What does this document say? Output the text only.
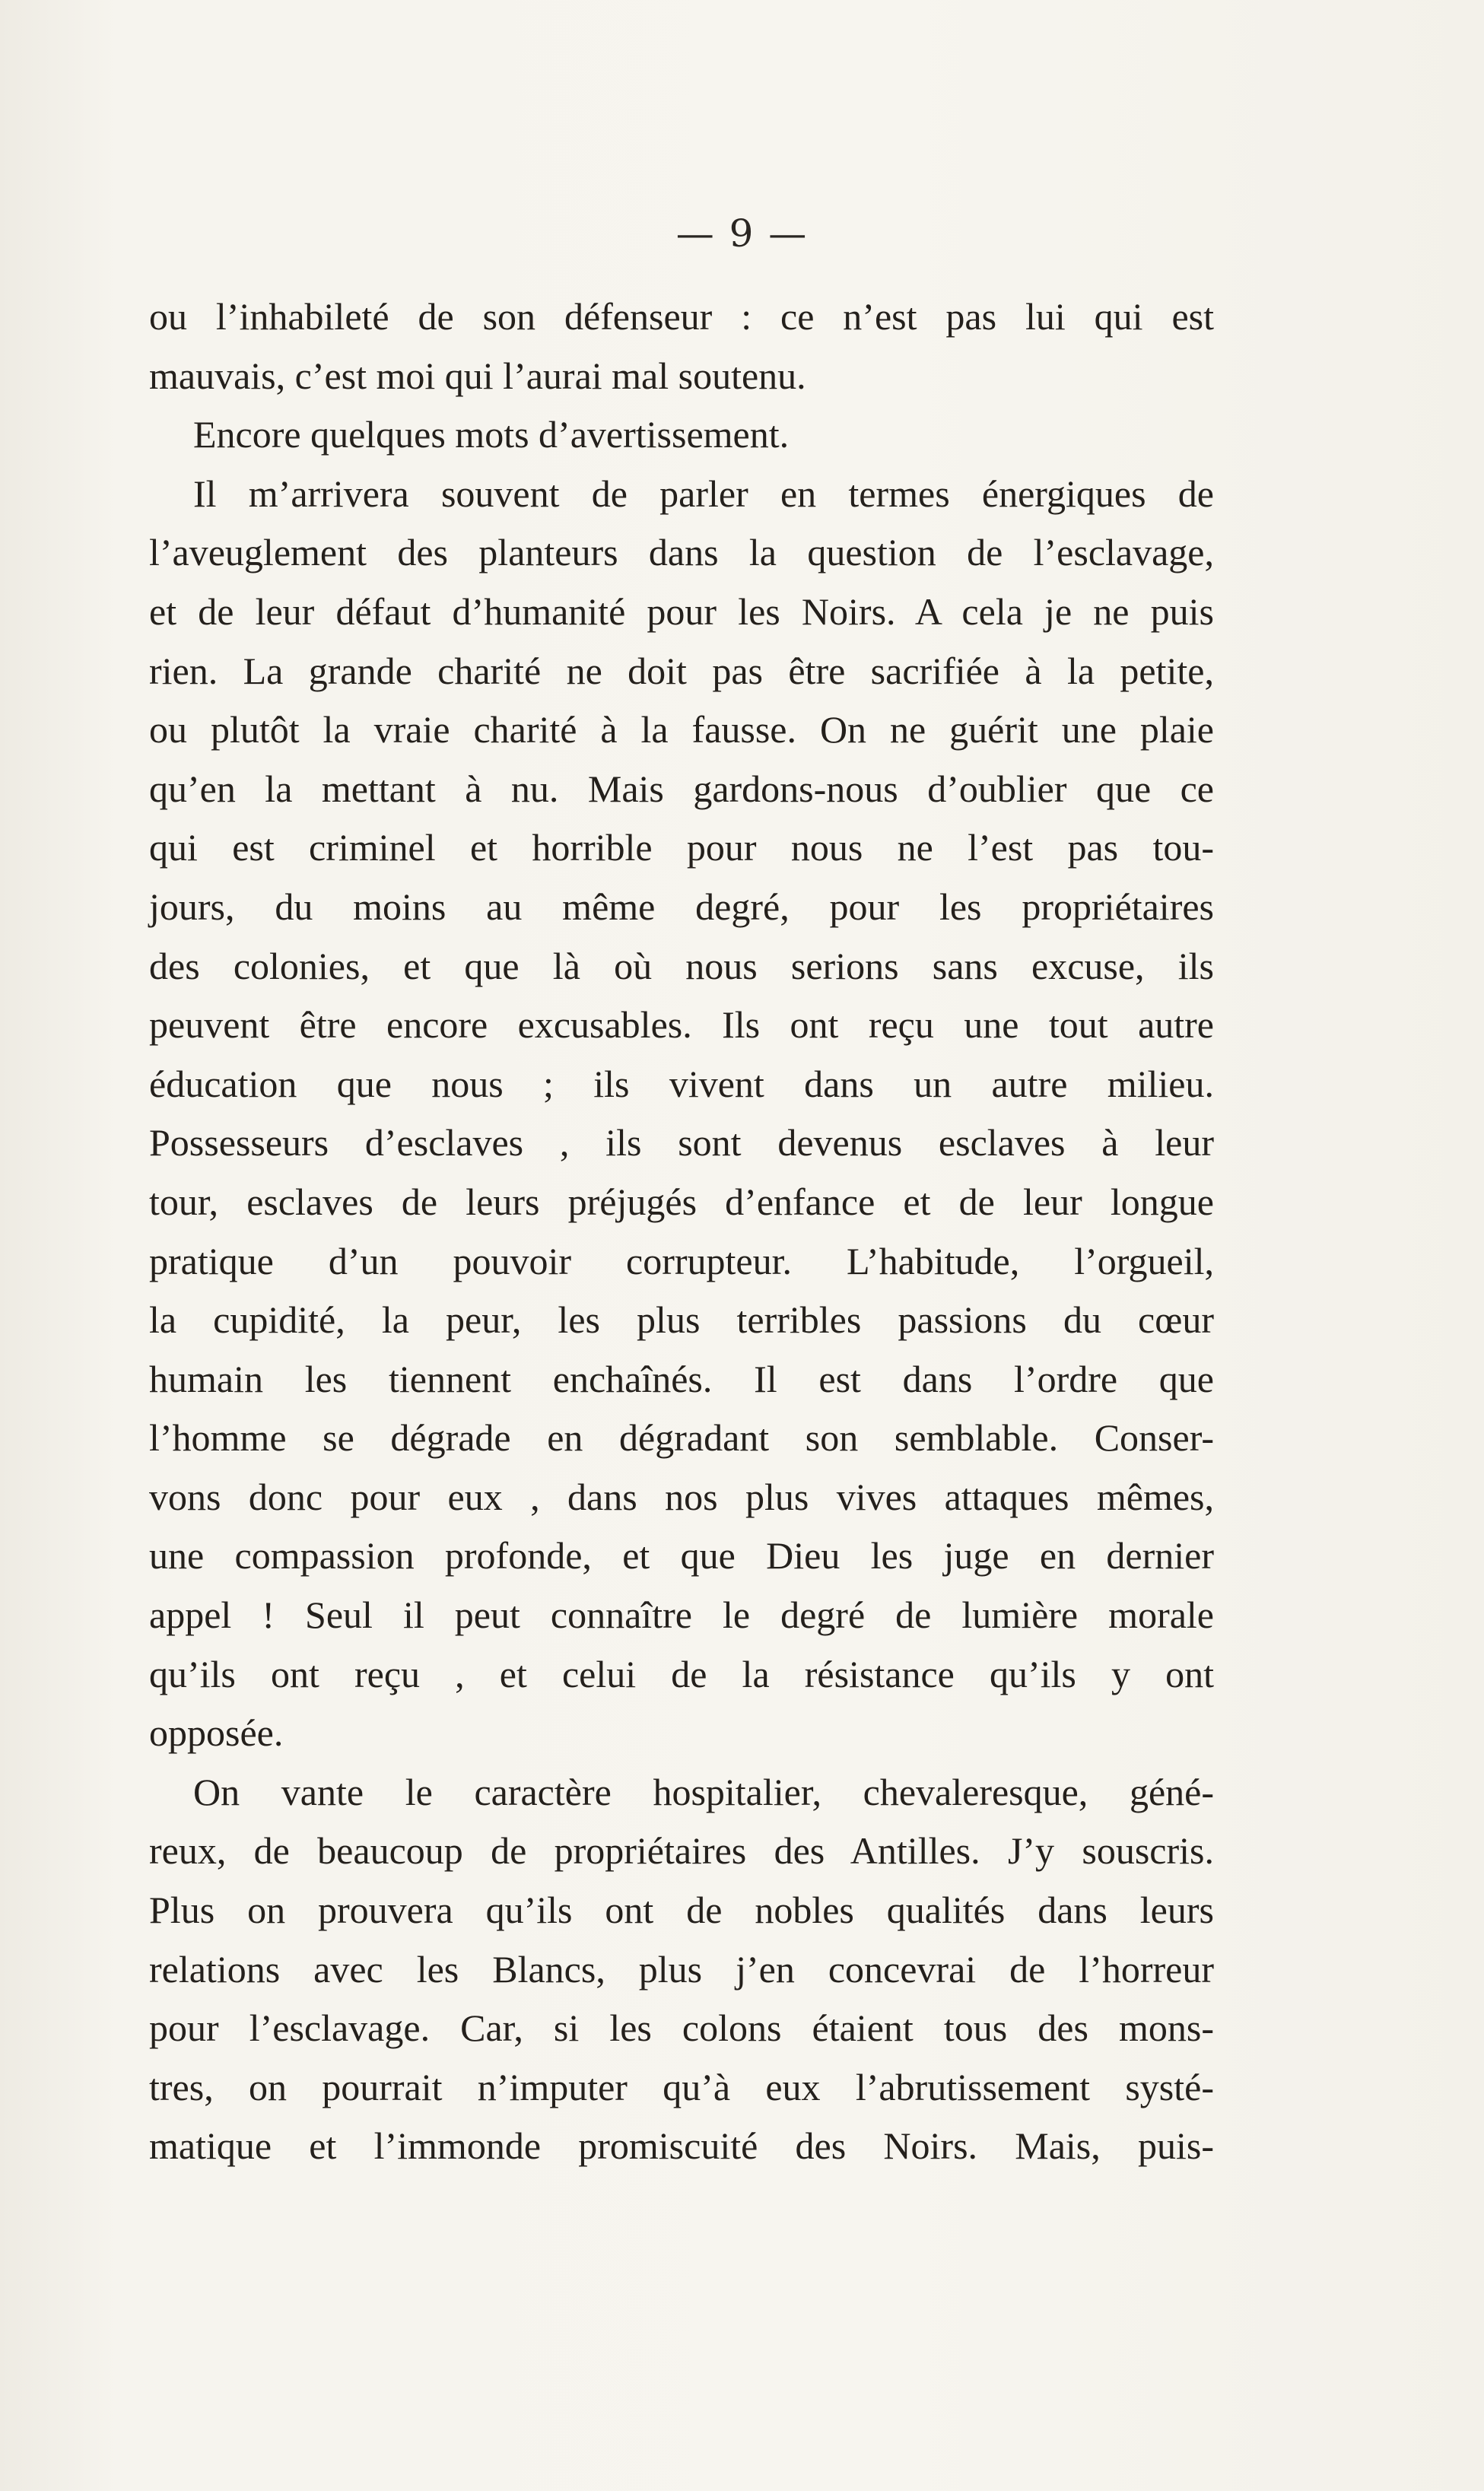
— 9 —
ou l’inhabileté de son défenseur : ce n’est pas lui qui est
mauvais, c’est moi qui l’aurai mal soutenu.
Encore quelques mots d’avertissement.
Il m’arrivera souvent de parler en termes énergiques de
l’aveuglement des planteurs dans la question de l’esclavage,
et de leur défaut d’humanité pour les Noirs. A cela je ne puis
rien. La grande charité ne doit pas être sacrifiée à la petite,
ou plutôt la vraie charité à la fausse. On ne guérit une plaie
qu’en la mettant à nu. Mais gardons-nous d’oublier que ce
qui est criminel et horrible pour nous ne l’est pas tou-
jours, du moins au même degré, pour les propriétaires
des colonies, et que là où nous serions sans excuse, ils
peuvent être encore excusables. Ils ont reçu une tout autre
éducation que nous ; ils vivent dans un autre milieu.
Possesseurs d’esclaves , ils sont devenus esclaves à leur
tour, esclaves de leurs préjugés d’enfance et de leur longue
pratique d’un pouvoir corrupteur. L’habitude, l’orgueil,
la cupidité, la peur, les plus terribles passions du cœur
humain les tiennent enchaînés. Il est dans l’ordre que
l’homme se dégrade en dégradant son semblable. Conser-
vons donc pour eux , dans nos plus vives attaques mêmes,
une compassion profonde, et que Dieu les juge en dernier
appel ! Seul il peut connaître le degré de lumière morale
qu’ils ont reçu , et celui de la résistance qu’ils y ont
opposée.
On vante le caractère hospitalier, chevaleresque, géné-
reux, de beaucoup de propriétaires des Antilles. J’y souscris.
Plus on prouvera qu’ils ont de nobles qualités dans leurs
relations avec les Blancs, plus j’en concevrai de l’horreur
pour l’esclavage. Car, si les colons étaient tous des mons-
tres, on pourrait n’imputer qu’à eux l’abrutissement systé-
matique et l’immonde promiscuité des Noirs. Mais, puis-
